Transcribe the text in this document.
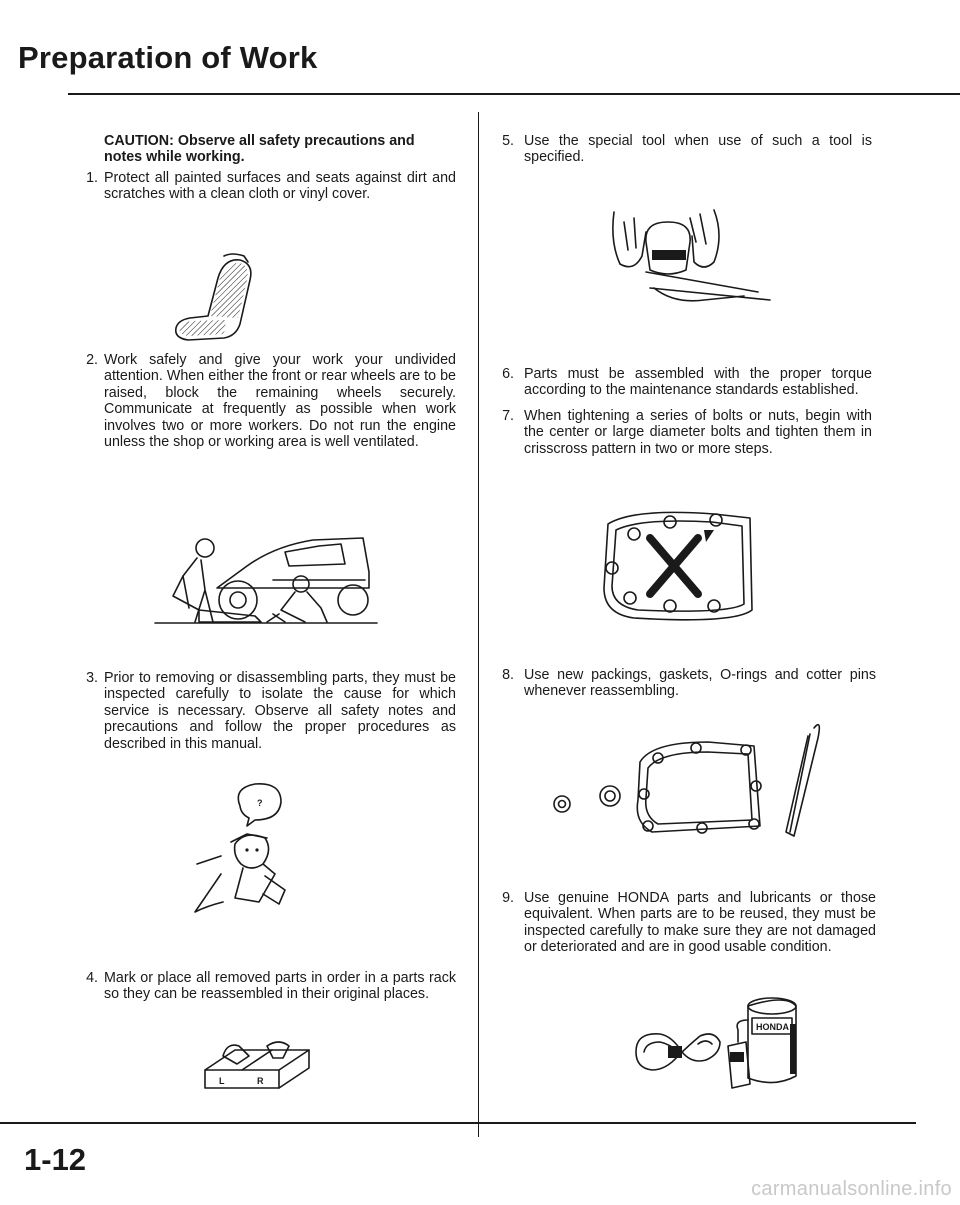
Preparation of Work
CAUTION: Observe all safety precautions and notes while working.
1. Protect all painted surfaces and seats against dirt and scratches with a clean cloth or vinyl cover.
2. Work safely and give your work your undivided attention. When either the front or rear wheels are to be raised, block the remaining wheels securely. Communicate at frequently as possible when work involves two or more workers. Do not run the engine unless the shop or working area is well ventilated.
3. Prior to removing or disassembling parts, they must be inspected carefully to isolate the cause for which service is necessary. Observe all safety notes and precautions and follow the proper procedures as described in this manual.
?
4. Mark or place all removed parts in order in a parts rack so they can be reassembled in their original places.
L	R
5. Use the special tool when use of such a tool is specified.
6. Parts must be assembled with the proper torque according to the maintenance standards established.
7. When tightening a series of bolts or nuts, begin with the center or large diameter bolts and tighten them in crisscross pattern in two or more steps.
8. Use new packings, gaskets, O-rings and cotter pins whenever reassembling.
9. Use genuine HONDA parts and lubricants or those equivalent. When parts are to be reused, they must be inspected carefully to make sure they are not damaged or deteriorated and are in good usable condition.
HONDA
1-12
carmanualsonline.info
